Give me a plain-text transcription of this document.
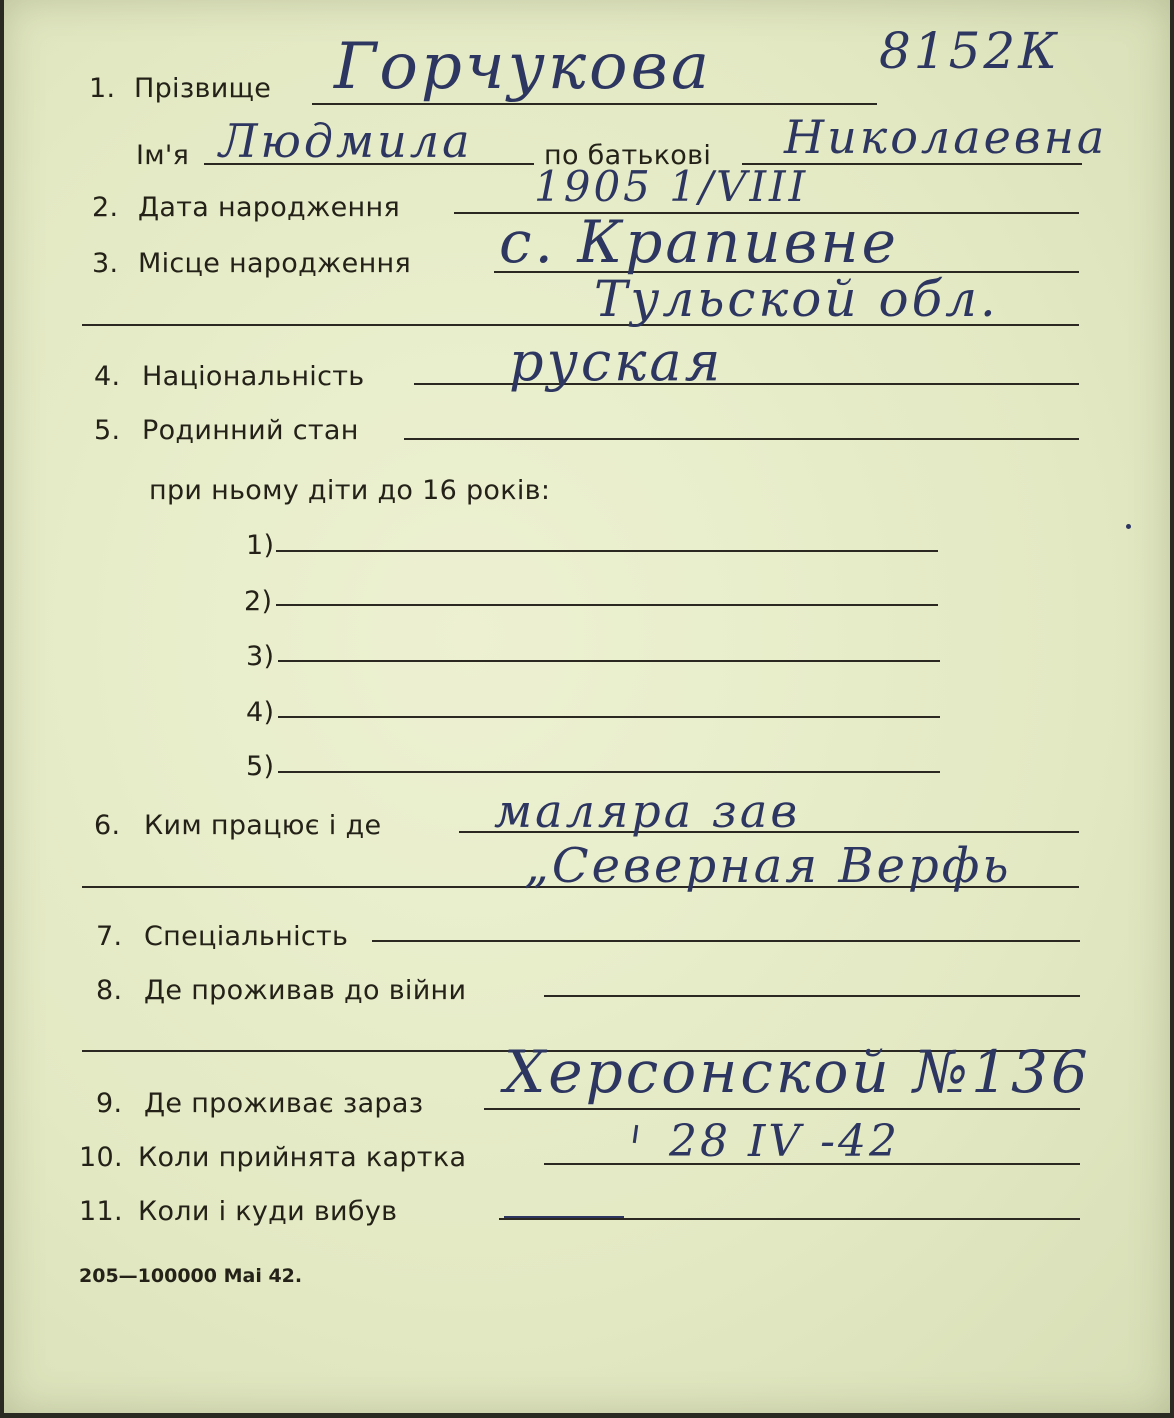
8152К
1. Прізвище Горчукова
Ім'я Людмила	по батькові Николаевна
2. Дата народження	1905 1/VIII
3. Місце народження с. Крапивне
Тульской обл.
4. Національність	руская
5. Родинний стан
при ньому діти до 16 років:
1)
2)
3)
4)
5)
6. Ким працює і де маляра зав
„Северная Верфь
7. Спеціальність
8. Де проживав до війни
9. Де проживає зараз Херсонской №136
10. Коли прийнята картка	28 IV -42
11. Коли і куди вибув
205—100000 Mai 42.
